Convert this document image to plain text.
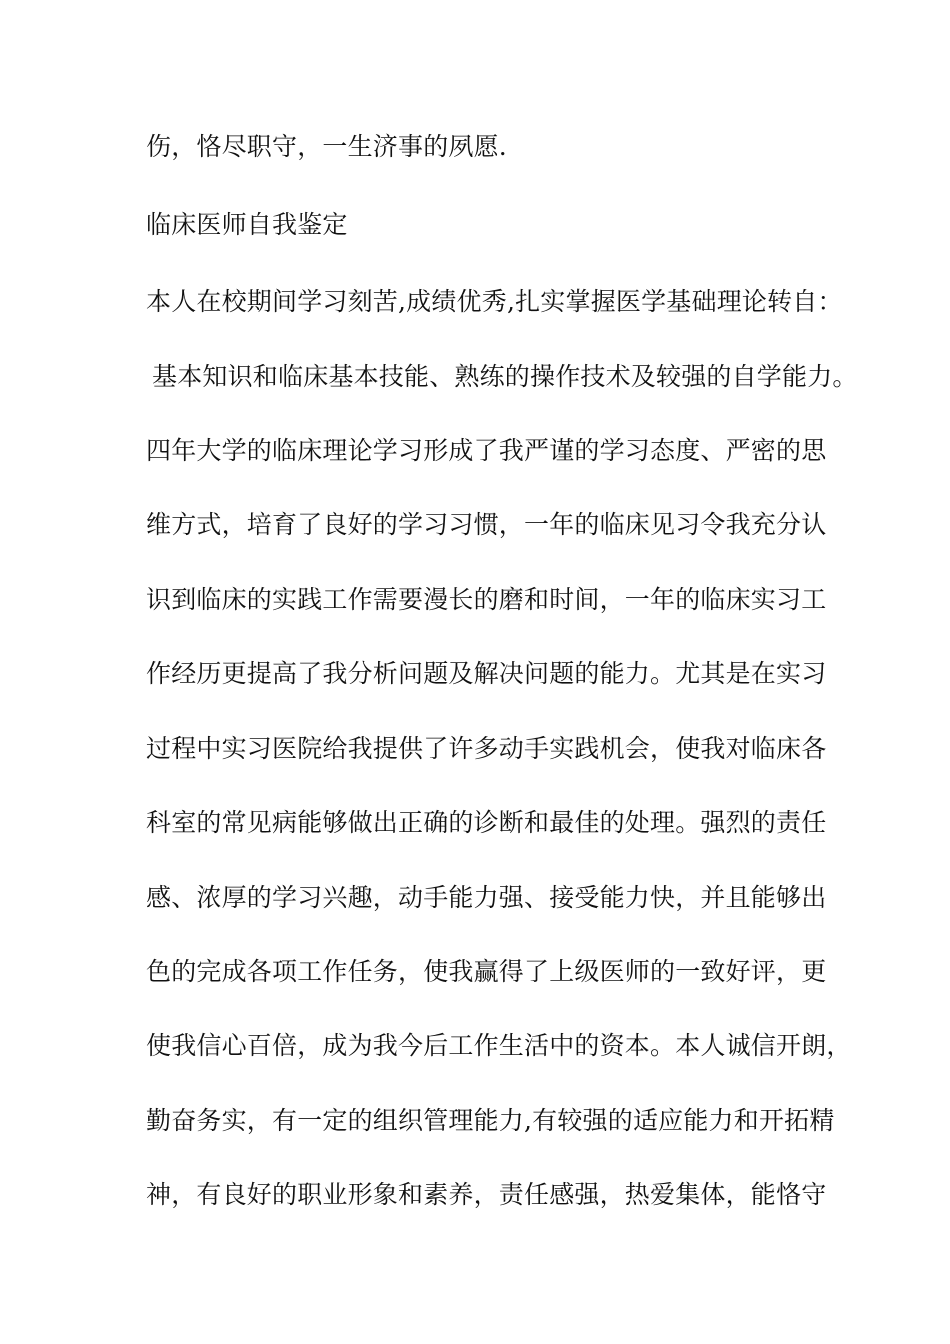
伤，恪尽职守，一生济事的夙愿.
临床医师自我鉴定
本人在校期间学习刻苦,成绩优秀,扎实掌握医学基础理论转自：
基本知识和临床基本技能、熟练的操作技术及较强的自学能力。
四年大学的临床理论学习形成了我严谨的学习态度、严密的思
维方式，培育了良好的学习习惯，一年的临床见习令我充分认
识到临床的实践工作需要漫长的磨和时间，一年的临床实习工
作经历更提高了我分析问题及解决问题的能力。尤其是在实习
过程中实习医院给我提供了许多动手实践机会，使我对临床各
科室的常见病能够做出正确的诊断和最佳的处理。强烈的责任
感、浓厚的学习兴趣，动手能力强、接受能力快，并且能够出
色的完成各项工作任务，使我赢得了上级医师的一致好评，更
使我信心百倍，成为我今后工作生活中的资本。本人诚信开朗，
勤奋务实，有一定的组织管理能力,有较强的适应能力和开拓精
神，有良好的职业形象和素养，责任感强，热爱集体，能恪守
